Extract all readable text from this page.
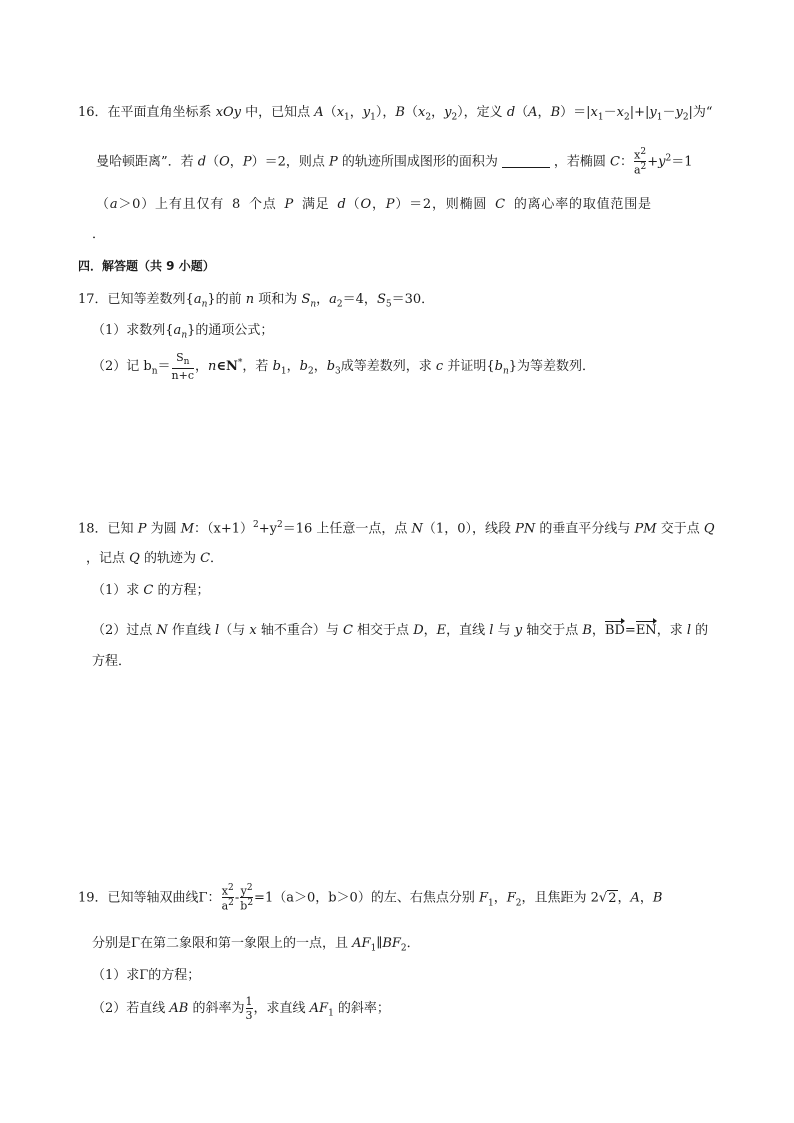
16．在平面直角坐标系 xOy 中，已知点 $A(x_1$，$y_1$），$B(x_2$，$y_2$），定义 d（A，$B)=|x_1-x_2|+|y_1-y_2|$为“
曼哈顿距离”．若 d（O，P）＝2，则点 P 的轨迹所围成图形的面积为	，若椭圆 C： $\frac{x^2}{a^2} +y^2=1$
（a＞0）上有且仅有 8 个点 P 满足 d（O，P）＝2，则椭圆 C 的离心率的取值范围是
．
四．解答题（共 9 小题）
17．已知等差数列$\{a_n\}$的前 n 项和为 $S_n$，$a_2=4$，$S_5=30$．
（1）求数列$\{a_n\}$的通项公式；
（2）记 $b_n= \frac{S_n}{n+c}$ ，n∈N*，若 $b_1$，$b_2$，$b_3$成等差数列，求 c 并证明$\{b_n\}$为等差数列．
18．已知 P 为圆 M：$(x+1)^2+y^2=16$ 上任意一点，点 N（1，0），线段 PN 的垂直平分线与 PM 交于点 Q
，记点 Q 的轨迹为 C．
（1）求 C 的方程；
（2）过点 N 作直线 l（与 x 轴不重合）与 C 相交于点 D，E，直线 l 与 y 轴交于点 B，BD=EN，求 l 的
方程．
19．已知等轴双曲线Γ： $\frac{x^2}{a^2} - \frac{y^2}{b^2} =1(a>0$，b＞0）的左、右焦点分别 $F_1$，$F_2$，且焦距为 2√2，A，B
分别是Γ在第二象限和第一象限上的一点，且 $AF_1\parallel BF_2$．
（1）求Γ的方程；
（2）若直线 AB 的斜率为 $\frac{1}{3}$ ，求直线 $AF_1$ 的斜率；
